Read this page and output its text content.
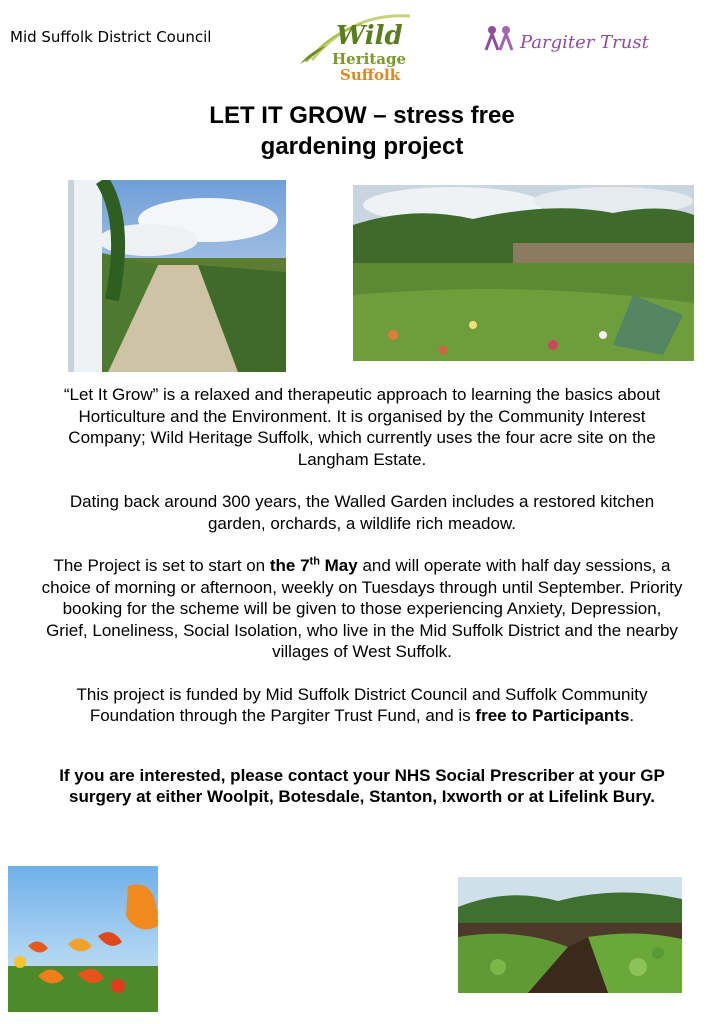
Mid Suffolk District Council	Wild
Heritage
Suffolk
Pargiter Trust
LET IT GROW – stress free
gardening project

“Let It Grow” is a relaxed and therapeutic approach to learning the basics about Horticulture and the Environment. It is organised by the Community Interest Company; Wild Heritage Suffolk, which currently uses the four acre site on the Langham Estate.

Dating back around 300 years, the Walled Garden includes a restored kitchen garden, orchards, a wildlife rich meadow.

The Project is set to start on the 7th May and will operate with half day sessions, a choice of morning or afternoon, weekly on Tuesdays through until September. Priority booking for the scheme will be given to those experiencing Anxiety, Depression, Grief, Loneliness, Social Isolation, who live in the Mid Suffolk District and the nearby villages of West Suffolk.

This project is funded by Mid Suffolk District Council and Suffolk Community Foundation through the Pargiter Trust Fund, and is free to Participants.

If you are interested, please contact your NHS Social Prescriber at your GP surgery at either Woolpit, Botesdale, Stanton, Ixworth or at Lifelink Bury.
